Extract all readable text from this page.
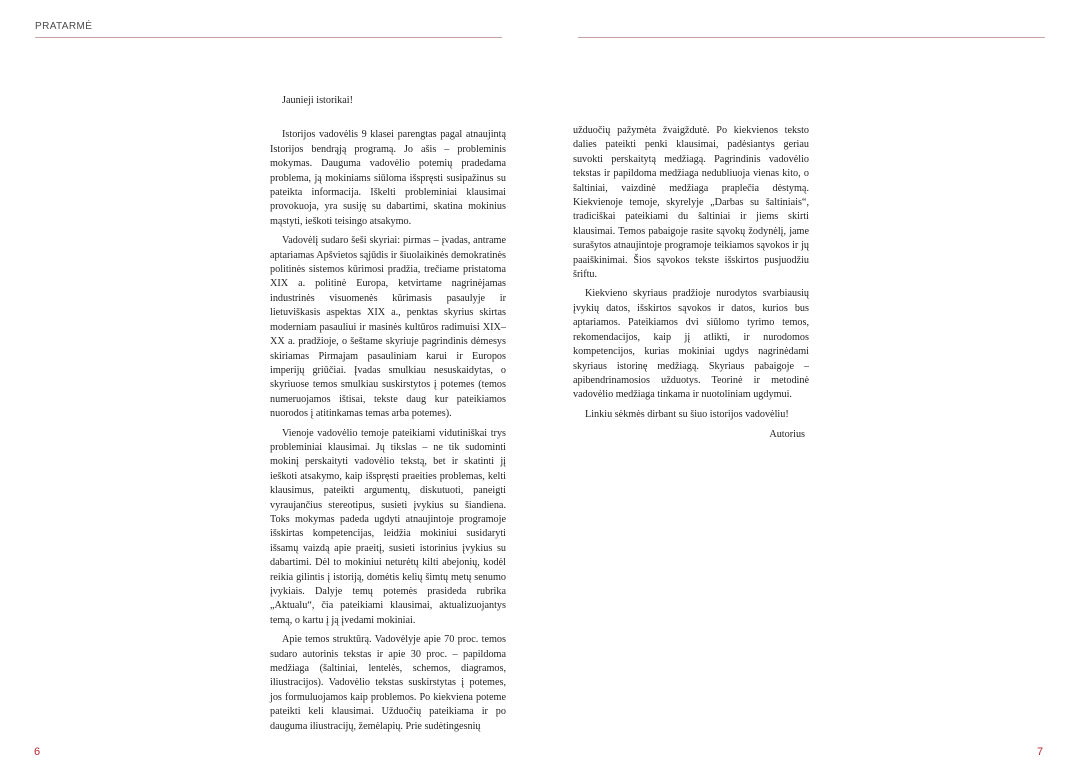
PRATARMĖ

Jaunieji istorikai!

Istorijos vadovėlis 9 klasei parengtas pagal atnaujintą Istorijos bendrąją programą. Jo ašis – probleminis mokymas. Dauguma vadovėlio potemių pradedama problema, ją mokiniams siūloma išspręsti susipažinus su pateikta informacija. Iškelti probleminiai klausimai provokuoja, yra susiję su dabartimi, skatina mokinius mąstyti, ieškoti teisingo atsakymo.

Vadovėlį sudaro šeši skyriai: pirmas – įvadas, antrame aptariamas Apšvietos sąjūdis ir šiuolaikinės demokratinės politinės sistemos kūrimosi pradžia, trečiame pristatoma XIX a. politinė Europa, ketvirtame nagrinėjamas industrinės visuomenės kūrimasis pasaulyje ir lietuviškasis aspektas XIX a., penktas skyrius skirtas moderniam pasauliui ir masinės kultūros radimuisi XIX–XX a. pradžioje, o šeštame skyriuje pagrindinis dėmesys skiriamas Pirmajam pasauliniam karui ir Europos imperijų griūčiai. Įvadas smulkiau nesuskaidytas, o skyriuose temos smulkiau suskirstytos į potemes (temos numeruojamos ištisai, tekste daug kur pateikiamos nuorodos į atitinkamas temas arba potemes).

Vienoje vadovėlio temoje pateikiami vidutiniškai trys probleminiai klausimai. Jų tikslas – ne tik sudominti mokinį perskaityti vadovėlio tekstą, bet ir skatinti jį ieškoti atsakymo, kaip išspręsti praeities problemas, kelti klausimus, pateikti argumentų, diskutuoti, paneigti vyraujančius stereotipus, susieti įvykius su šiandiena. Toks mokymas padeda ugdyti atnaujintoje programoje išskirtas kompetencijas, leidžia mokiniui susidaryti išsamų vaizdą apie praeitį, susieti istorinius įvykius su dabartimi. Dėl to mokiniui neturėtų kilti abejonių, kodėl reikia gilintis į istoriją, domėtis kelių šimtų metų senumo įvykiais. Dalyje temų potemės prasideda rubrika „Aktualu“, čia pateikiami klausimai, aktualizuojantys temą, o kartu į ją įvedami mokiniai.

Apie temos struktūrą. Vadovėlyje apie 70 proc. temos sudaro autorinis tekstas ir apie 30 proc. – papildoma medžiaga (šaltiniai, lentelės, schemos, diagramos, iliustracijos). Vadovėlio tekstas suskirstytas į potemes, jos formuluojamos kaip problemos. Po kiekviena poteme pateikti keli klausimai. Užduočių pateikiama ir po dauguma iliustracijų, žemėlapių. Prie sudėtingesnių

užduočių pažymėta žvaigždutė. Po kiekvienos teksto dalies pateikti penki klausimai, padėsiantys geriau suvokti perskaitytą medžiagą. Pagrindinis vadovėlio tekstas ir papildoma medžiaga nedubliuoja vienas kito, o šaltiniai, vaizdinė medžiaga praplečia dėstymą. Kiekvienoje temoje, skyrelyje „Darbas su šaltiniais“, tradiciškai pateikiami du šaltiniai ir jiems skirti klausimai. Temos pabaigoje rasite sąvokų žodynėlį, jame surašytos atnaujintoje programoje teikiamos sąvokos ir jų paaiškinimai. Šios sąvokos tekste išskirtos pusjuodžiu šriftu.

Kiekvieno skyriaus pradžioje nurodytos svarbiausių įvykių datos, išskirtos sąvokos ir datos, kurios bus aptariamos. Pateikiamos dvi siūlomo tyrimo temos, rekomendacijos, kaip jį atlikti, ir nurodomos kompetencijos, kurias mokiniai ugdys nagrinėdami skyriaus istorinę medžiagą. Skyriaus pabaigoje – apibendrinamosios užduotys. Teorinė ir metodinė vadovėlio medžiaga tinkama ir nuotoliniam ugdymui.

Linkiu sėkmės dirbant su šiuo istorijos vadovėliu!

Autorius

6	7
